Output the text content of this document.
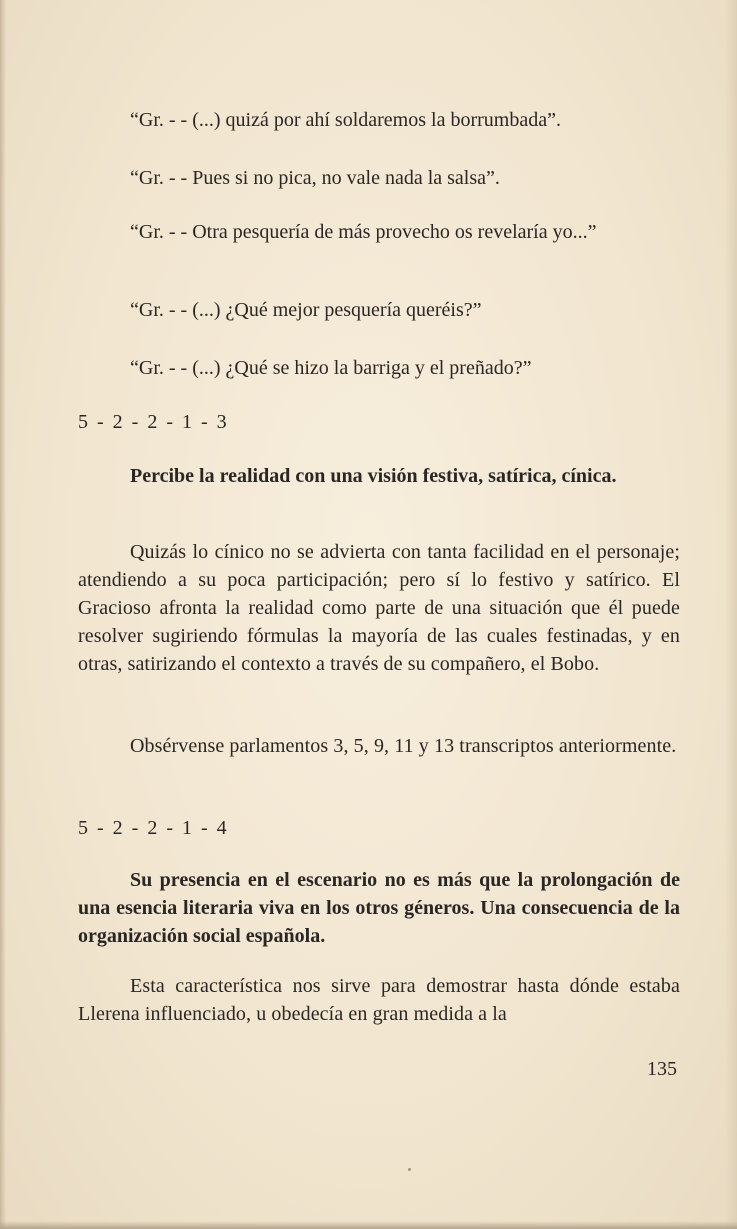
“Gr. - - (...) quizá por ahí soldaremos la borrumbada”.
“Gr. - - Pues si no pica, no vale nada la salsa”.
“Gr. - - Otra pesquería de más provecho os revelaría yo...”
“Gr. - - (...) ¿Qué mejor pesquería queréis?”
“Gr. - - (...) ¿Qué se hizo la barriga y el preñado?”
5 - 2 - 2 - 1 - 3
Percibe la realidad con una visión festiva, satírica, cínica.
Quizás lo cínico no se advierta con tanta facilidad en el personaje; atendiendo a su poca participación; pero sí lo festivo y satírico. El Gracioso afronta la realidad como parte de una situación que él puede resolver sugiriendo fórmulas la mayoría de las cuales festinadas, y en otras, satirizando el contexto a través de su compañero, el Bobo.
Obsérvense parlamentos 3, 5, 9, 11 y 13 transcriptos anteriormente.
5 - 2 - 2 - 1 - 4
Su presencia en el escenario no es más que la prolongación de una esencia literaria viva en los otros géneros. Una consecuencia de la organización social española.
Esta característica nos sirve para demostrar hasta dónde estaba Llerena influenciado, u obedecía en gran medida a la
135
